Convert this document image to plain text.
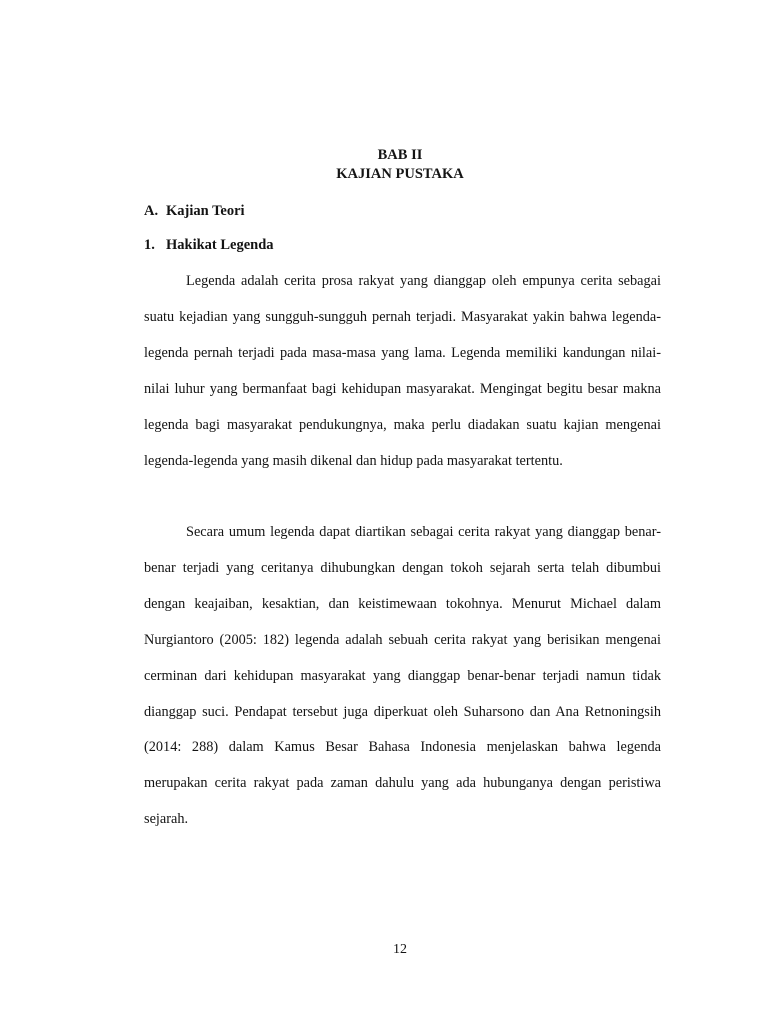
BAB II
KAJIAN PUSTAKA
A. Kajian Teori
1. Hakikat Legenda

Legenda adalah cerita prosa rakyat yang dianggap oleh empunya cerita sebagai suatu kejadian yang sungguh-sungguh pernah terjadi. Masyarakat yakin bahwa legenda-legenda pernah terjadi pada masa-masa yang lama. Legenda memiliki kandungan nilai-nilai luhur yang bermanfaat bagi kehidupan masyarakat. Mengingat begitu besar makna legenda bagi masyarakat pendukungnya, maka perlu diadakan suatu kajian mengenai legenda-legenda yang masih dikenal dan hidup pada masyarakat tertentu.

Secara umum legenda dapat diartikan sebagai cerita rakyat yang dianggap benar-benar terjadi yang ceritanya dihubungkan dengan tokoh sejarah serta telah dibumbui dengan keajaiban, kesaktian, dan keistimewaan tokohnya. Menurut Michael dalam Nurgiantoro (2005: 182) legenda adalah sebuah cerita rakyat yang berisikan mengenai cerminan dari kehidupan masyarakat yang dianggap benar-benar terjadi namun tidak dianggap suci. Pendapat tersebut juga diperkuat oleh Suharsono dan Ana Retnoningsih (2014: 288) dalam Kamus Besar Bahasa Indonesia menjelaskan bahwa legenda merupakan cerita rakyat pada zaman dahulu yang ada hubunganya dengan peristiwa sejarah.

12
